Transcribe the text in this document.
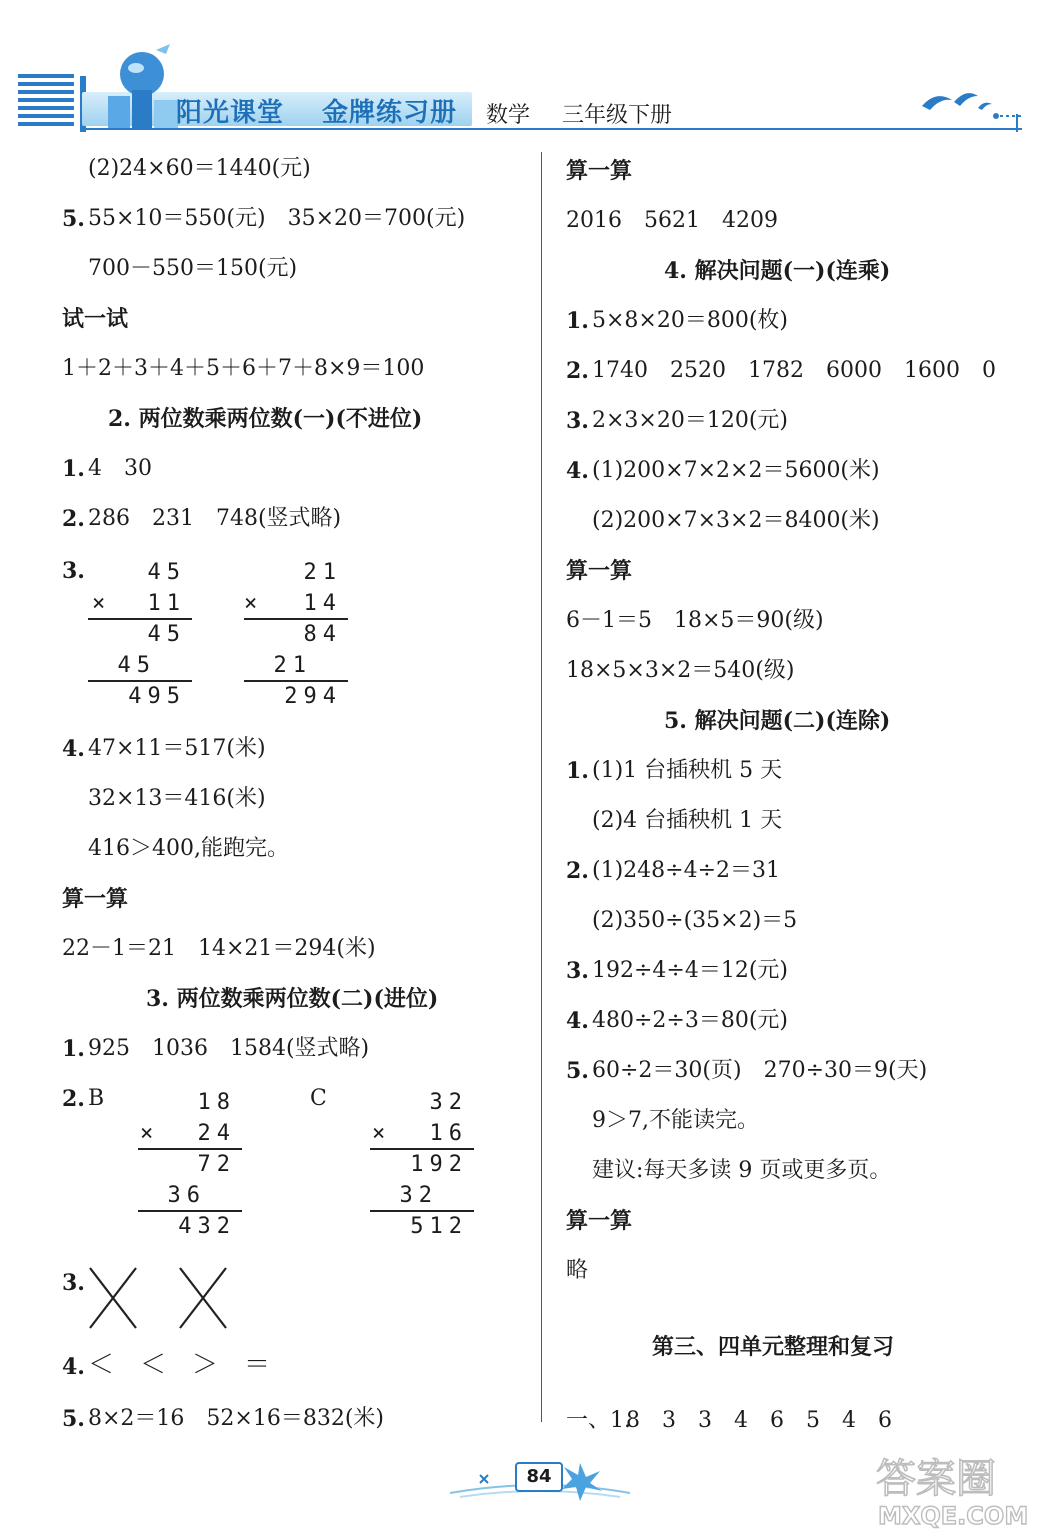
阳光课堂 金牌练习册 数学 三年级下册
(2)24×60＝1440(元)
5. 55×10＝550(元)　35×20＝700(元)
700－550＝150(元)
试一试
1＋2＋3＋4＋5＋6＋7＋8×9＝100
2. 两位数乘两位数(一)(不进位)
1. 4　30
2. 286　231　748(竖式略)
3.	45
× 11
45
45
495
21
× 14
84
21
294
4. 47×11＝517(米)
32×13＝416(米)
416＞400,能跑完。
算一算
22－1＝21　14×21＝294(米)
3. 两位数乘两位数(二)(进位)
1. 925　1036　1584(竖式略)
2. B	C
18
× 24
72
36
432
32
× 16
192
32
512
3.
4. ＜　＜　＞　＝
5. 8×2＝16　52×16＝832(米)
算一算
2016　5621　4209
4. 解决问题(一)(连乘)
1. 5×8×20＝800(枚)
2. 1740　2520　1782　6000　1600　0
3. 2×3×20＝120(元)
4. (1)200×7×2×2＝5600(米)
(2)200×7×3×2＝8400(米)
算一算
6－1＝5　18×5＝90(级)
18×5×3×2＝540(级)
5. 解决问题(二)(连除)
1. (1)1 台插秧机 5 天
(2)4 台插秧机 1 天
2. (1)248÷4÷2＝31
(2)350÷(35×2)＝5
3. 192÷4÷4＝12(元)
4. 480÷2÷3＝80(元)
5. 60÷2＝30(页)　270÷30＝9(天)
9＞7,不能读完。
建议:每天多读 9 页或更多页。
算一算
略
第三、四单元整理和复习
一、1.
8　3　3　4　6　5　4　6
84	答案圈
MXQE.COM
